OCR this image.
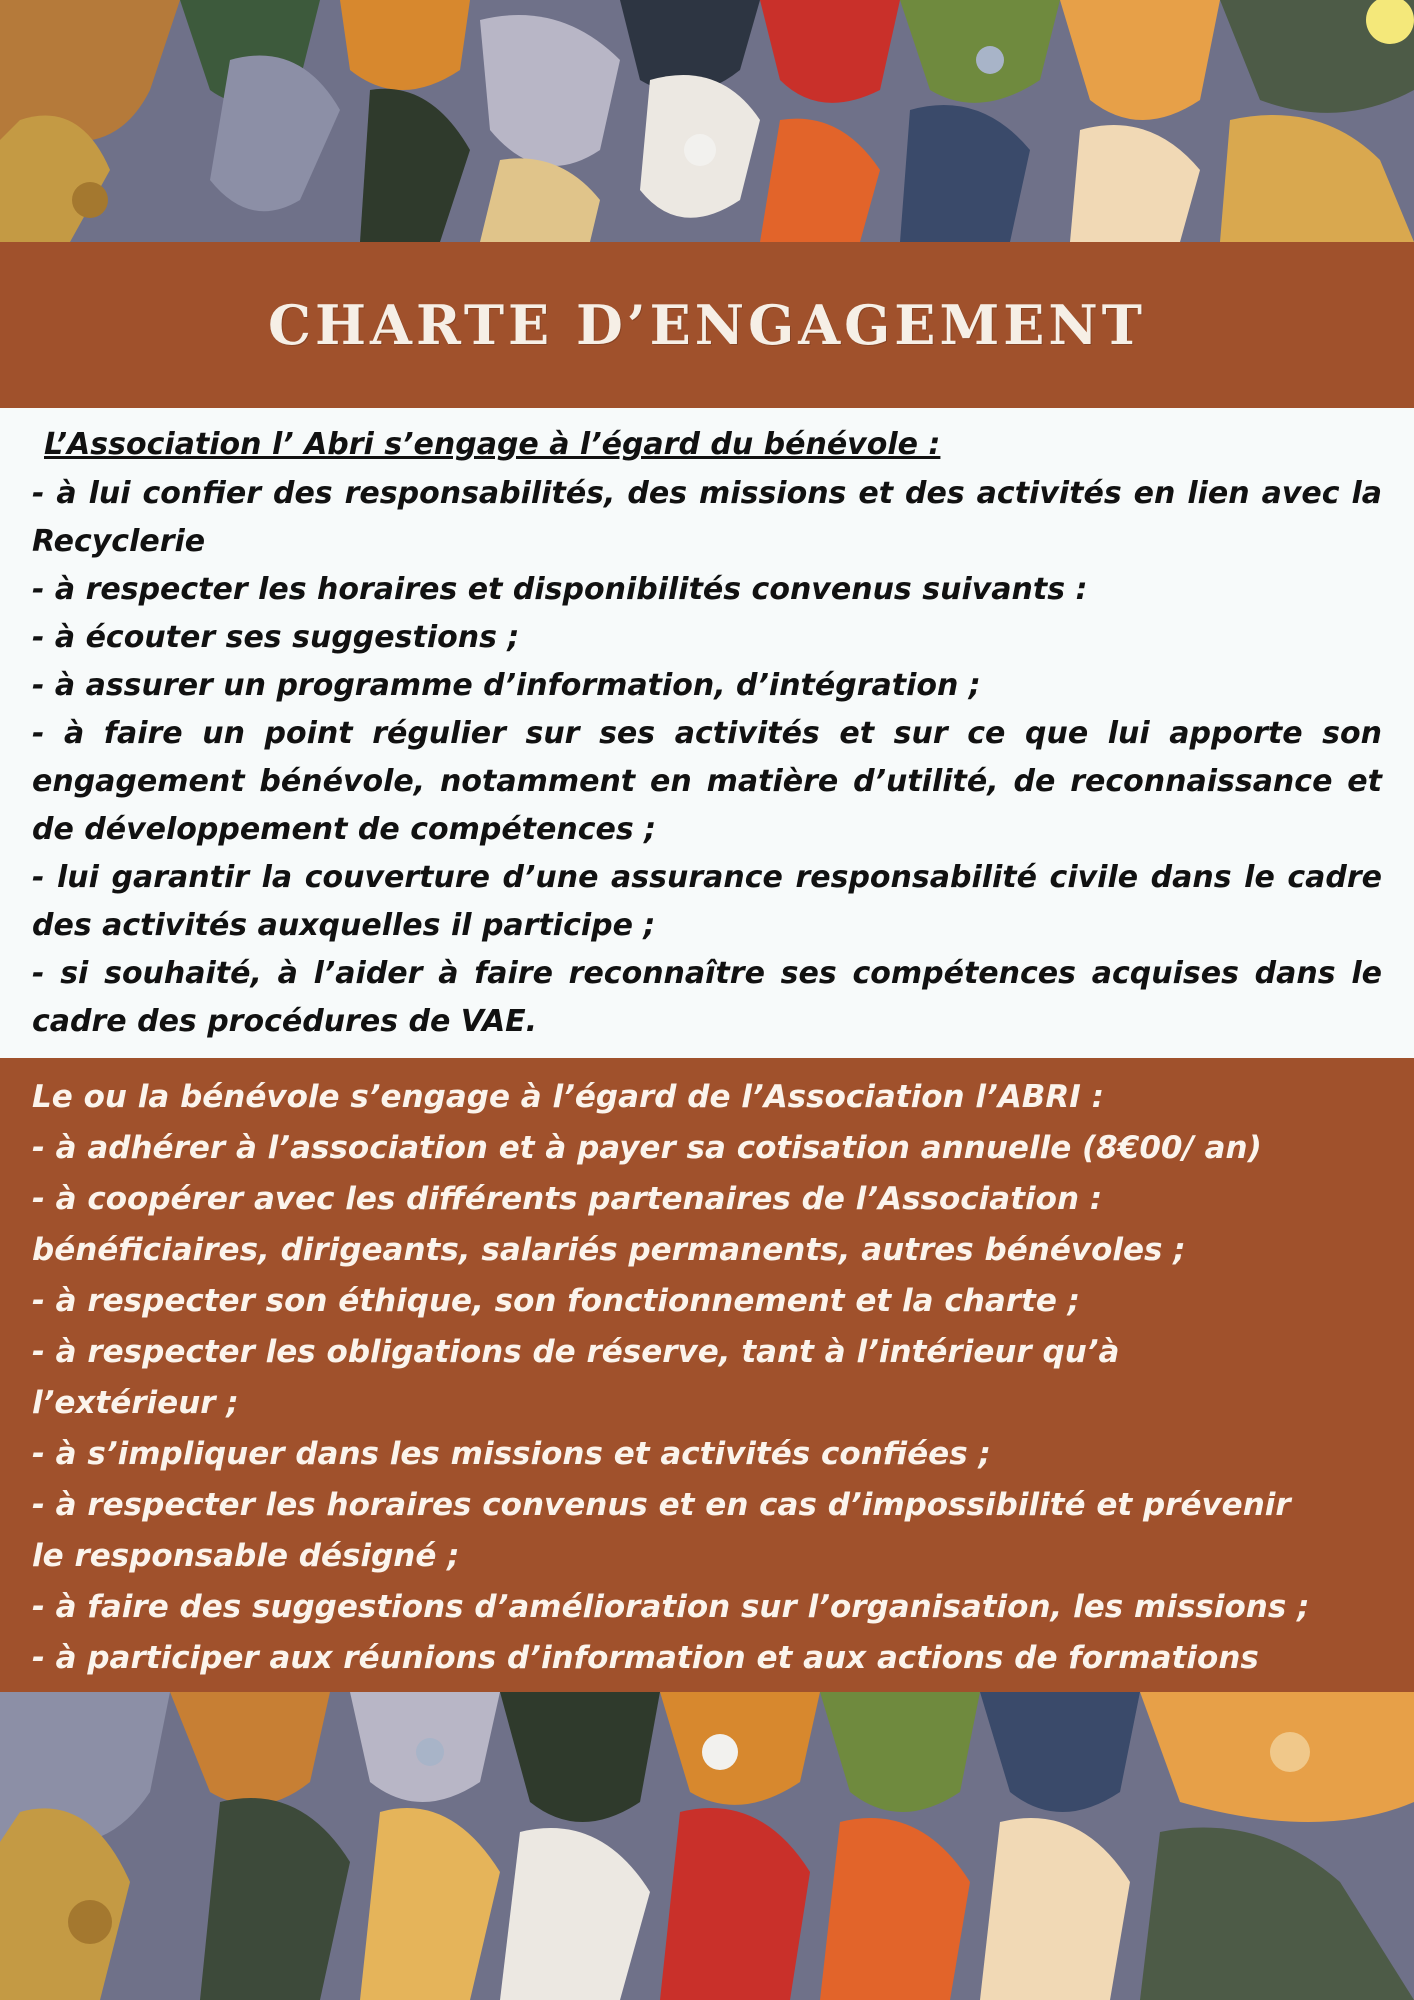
CHARTE D’ENGAGEMENT

L’Association l’ Abri s’engage à l’égard du bénévole :

- à lui confier des responsabilités, des missions et des activités en lien avec la Recyclerie
- à respecter les horaires et disponibilités convenus suivants :
- à écouter ses suggestions ;
- à assurer un programme d’information, d’intégration ;
- à faire un point régulier sur ses activités et sur ce que lui apporte son engagement bénévole, notamment en matière d’utilité, de reconnaissance et de développement de compétences ;
- lui garantir la couverture d’une assurance responsabilité civile dans le cadre des activités auxquelles il participe ;
- si souhaité, à l’aider à faire reconnaître ses compétences acquises dans le cadre des procédures de VAE.

Le ou la bénévole s’engage à l’égard de l’Association l’ABRI :

- à adhérer à l’association et à payer sa cotisation annuelle (8€00/ an)
- à coopérer avec les différents partenaires de l’Association : bénéficiaires, dirigeants, salariés permanents, autres bénévoles ;
- à respecter son éthique, son fonctionnement et la charte ;
- à respecter les obligations de réserve, tant à l’intérieur qu’à l’extérieur ;
- à s’impliquer dans les missions et activités confiées ;
- à respecter les horaires convenus et en cas d’impossibilité et prévenir le responsable désigné ;
- à faire des suggestions d’amélioration sur l’organisation, les missions ;
- à participer aux réunions d’information et aux actions de formations
